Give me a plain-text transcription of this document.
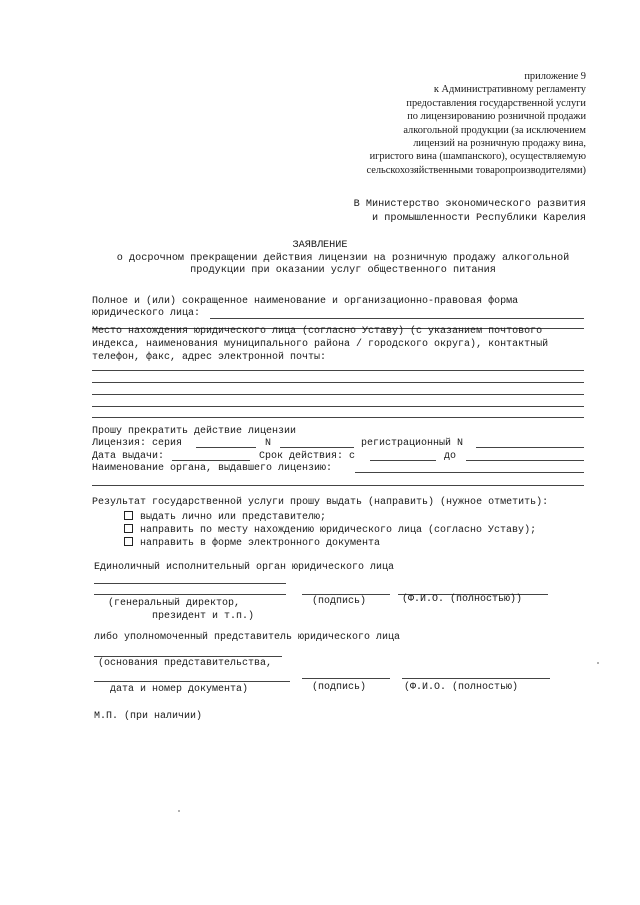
приложение 9
к Административному регламенту
предоставления государственной услуги
по лицензированию розничной продажи
алкогольной продукции (за исключением
лицензий на розничную продажу вина,
игристого вина (шампанского), осуществляемую
сельскохозяйственными товаропроизводителями)
В Министерство экономического развития
и промышленности Республики Карелия
ЗАЯВЛЕНИЕ
о досрочном прекращении действия лицензии на розничную продажу алкогольной продукции при оказании услуг общественного питания
Полное и (или) сокращенное наименование и организационно-правовая форма
юридического лица:
Место нахождения юридического лица (согласно Уставу) (с указанием почтового
индекса, наименования муниципального района / городского округа), контактный
телефон, факс, адрес электронной почты:
Прошу прекратить действие лицензии
Лицензия: серия	N	регистрационный N
Дата выдачи:	Срок действия: с	до
Наименование органа, выдавшего лицензию:
Результат государственной услуги прошу выдать (направить) (нужное отметить):
выдать лично или представителю;
направить по месту нахождению юридического лица (согласно Уставу);
направить в форме электронного документа
Единоличный исполнительный орган юридического лица
(генеральный директор,
президент и т.п.)
(подпись)	(Ф.И.О. (полностью))
либо уполномоченный представитель юридического лица
(основания представительства,
дата и номер документа)	(подпись)	(Ф.И.О. (полностью)
М.П. (при наличии)
